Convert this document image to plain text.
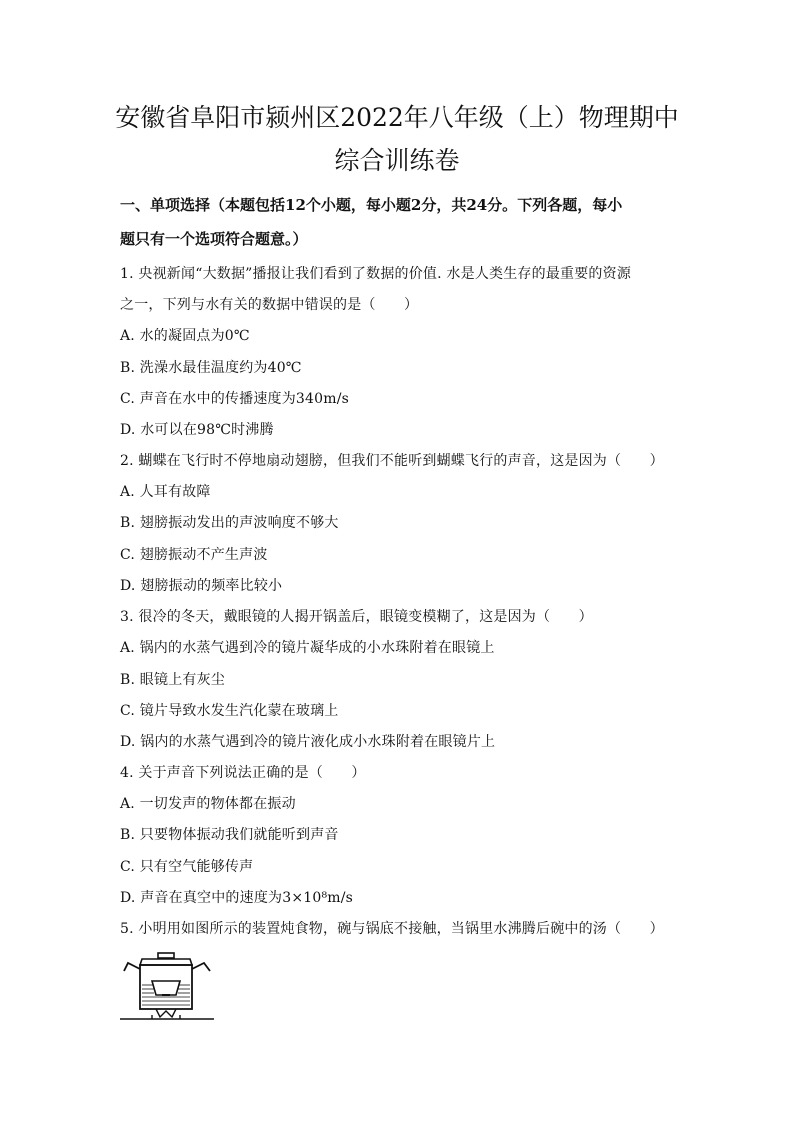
安徽省阜阳市颍州区2022年八年级（上）物理期中
综合训练卷
一、单项选择（本题包括12个小题，每小题2分，共24分。下列各题，每小
题只有一个选项符合题意。）
1. 央视新闻“大数据”播报让我们看到了数据的价值. 水是人类生存的最重要的资源
之一，下列与水有关的数据中错误的是（　　）
A. 水的凝固点为0℃
B. 洗澡水最佳温度约为40℃
C. 声音在水中的传播速度为340m/s
D. 水可以在98℃时沸腾
2. 蝴蝶在飞行时不停地扇动翅膀，但我们不能听到蝴蝶飞行的声音，这是因为（　　）
A. 人耳有故障
B. 翅膀振动发出的声波响度不够大
C. 翅膀振动不产生声波
D. 翅膀振动的频率比较小
3. 很冷的冬天，戴眼镜的人揭开锅盖后，眼镜变模糊了，这是因为（　　）
A. 锅内的水蒸气遇到冷的镜片凝华成的小水珠附着在眼镜上
B. 眼镜上有灰尘
C. 镜片导致水发生汽化蒙在玻璃上
D. 锅内的水蒸气遇到冷的镜片液化成小水珠附着在眼镜片上
4. 关于声音下列说法正确的是（　　）
A. 一切发声的物体都在振动
B. 只要物体振动我们就能听到声音
C. 只有空气能够传声
D. 声音在真空中的速度为3×10⁸m/s
5. 小明用如图所示的装置炖食物，碗与锅底不接触，当锅里水沸腾后碗中的汤（　　）
